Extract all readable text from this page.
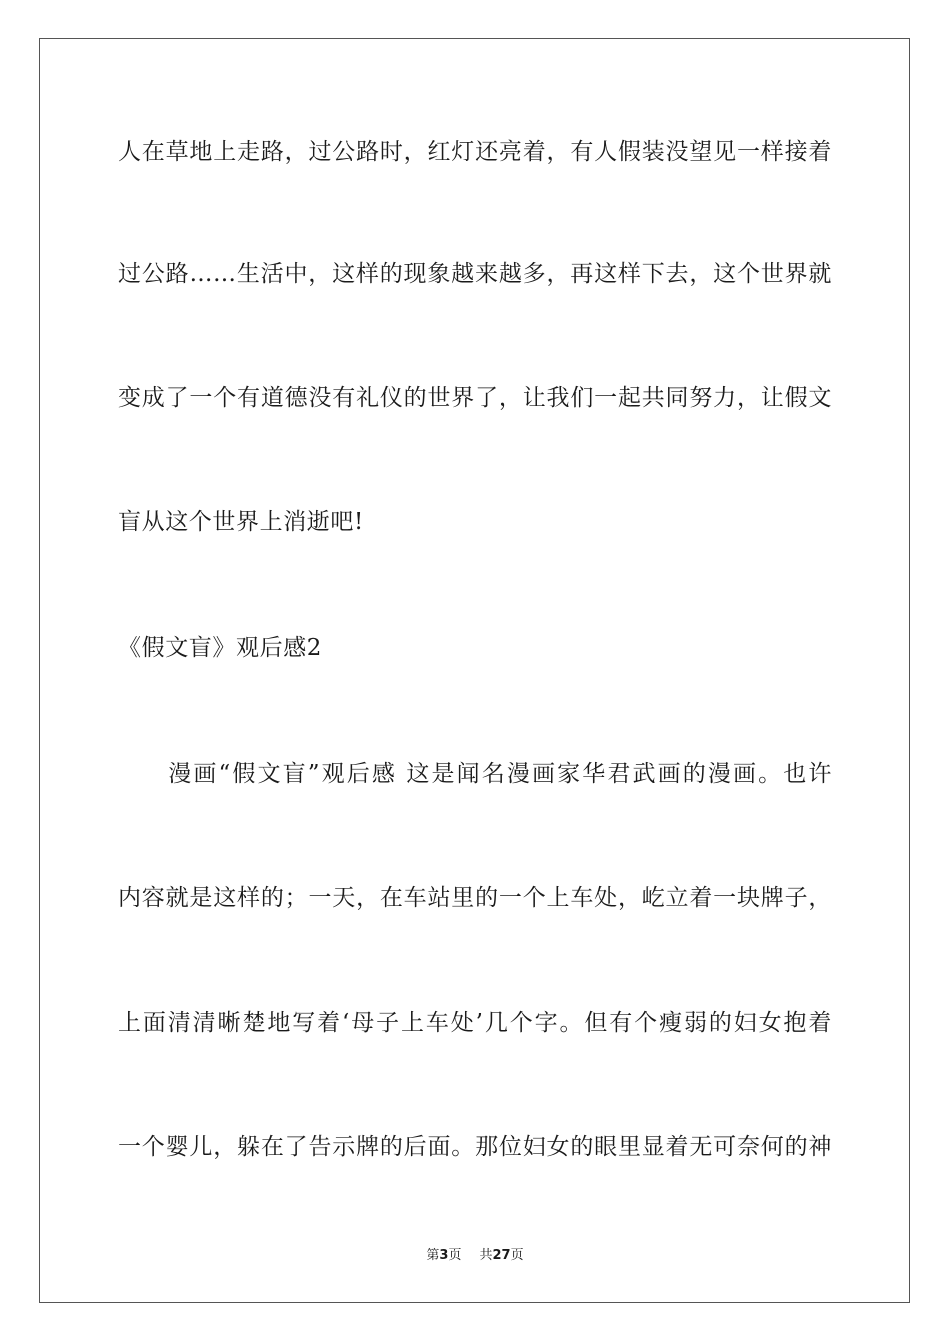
人在草地上走路，过公路时，红灯还亮着，有人假装没望见一样接着
过公路……生活中，这样的现象越来越多，再这样下去，这个世界就
变成了一个有道德没有礼仪的世界了，让我们一起共同努力，让假文
盲从这个世界上消逝吧!
《假文盲》观后感2
　　漫画“假文盲”观后感 这是闻名漫画家华君武画的漫画。也许
内容就是这样的；一天，在车站里的一个上车处，屹立着一块牌子，
上面清清晰楚地写着‘母子上车处’几个字。但有个瘦弱的妇女抱着
一个婴儿，躲在了告示牌的后面。那位妇女的眼里显着无可奈何的神
第3页 共27页
